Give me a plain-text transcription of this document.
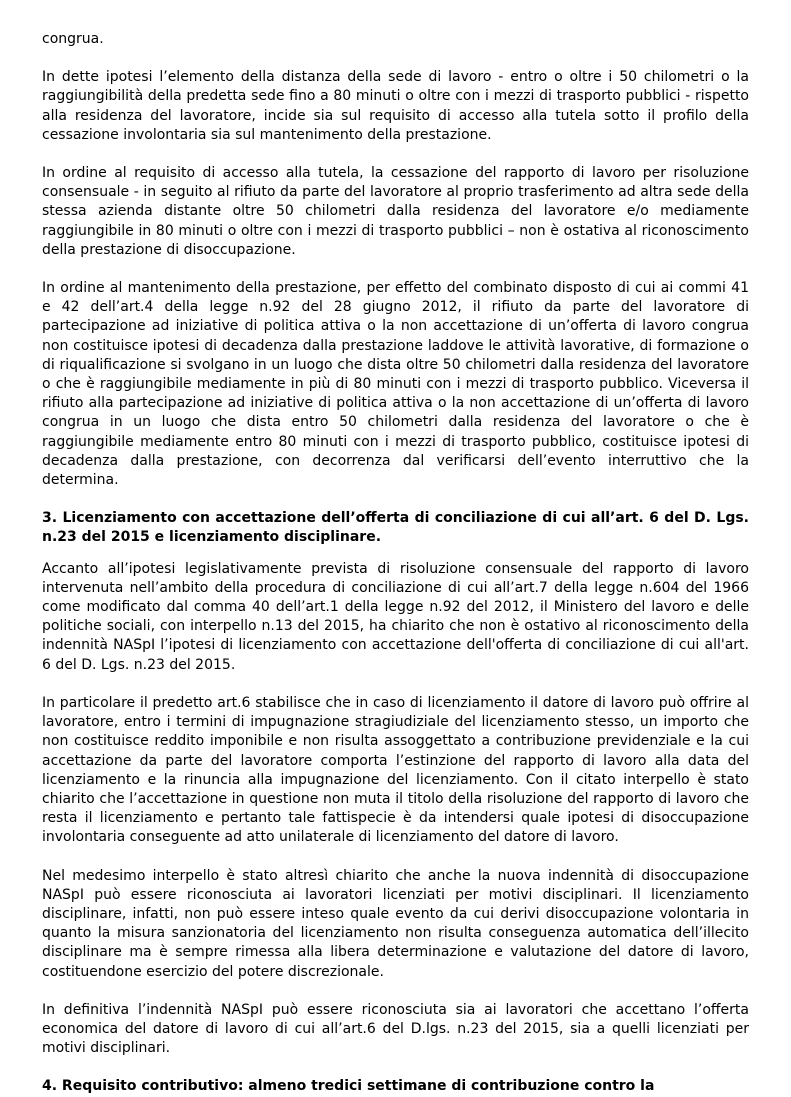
congrua.

In dette ipotesi l’elemento della distanza della sede di lavoro - entro o oltre i 50 chilometri o la raggiungibilità della predetta sede fino a 80 minuti o oltre con i mezzi di trasporto pubblici - rispetto alla residenza del lavoratore, incide sia sul requisito di accesso alla tutela sotto il profilo della cessazione involontaria sia sul mantenimento della prestazione.

In ordine al requisito di accesso alla tutela, la cessazione del rapporto di lavoro per risoluzione consensuale - in seguito al rifiuto da parte del lavoratore al proprio trasferimento ad altra sede della stessa azienda distante oltre 50 chilometri dalla residenza del lavoratore e/o mediamente raggiungibile in 80 minuti o oltre con i mezzi di trasporto pubblici – non è ostativa al riconoscimento della prestazione di disoccupazione.

In ordine al mantenimento della prestazione, per effetto del combinato disposto di cui ai commi 41 e 42 dell’art.4 della legge n.92 del 28 giugno 2012, il rifiuto da parte del lavoratore di partecipazione ad iniziative di politica attiva o la non accettazione di un’offerta di lavoro congrua non costituisce ipotesi di decadenza dalla prestazione laddove le attività lavorative, di formazione o di riqualificazione si svolgano in un luogo che dista oltre 50 chilometri dalla residenza del lavoratore o che è raggiungibile mediamente in più di 80 minuti con i mezzi di trasporto pubblico. Viceversa il rifiuto alla partecipazione ad iniziative di politica attiva o la non accettazione di un’offerta di lavoro congrua in un luogo che dista entro 50 chilometri dalla residenza del lavoratore o che è raggiungibile mediamente entro 80 minuti con i mezzi di trasporto pubblico, costituisce ipotesi di decadenza dalla prestazione, con decorrenza dal verificarsi dell’evento interruttivo che la determina.

3. Licenziamento con accettazione dell’offerta di conciliazione di cui all’art. 6 del D. Lgs. n.23 del 2015 e licenziamento disciplinare.

Accanto all’ipotesi legislativamente prevista di risoluzione consensuale del rapporto di lavoro intervenuta nell’ambito della procedura di conciliazione di cui all’art.7 della legge n.604 del 1966 come modificato dal comma 40 dell’art.1 della legge n.92 del 2012, il Ministero del lavoro e delle politiche sociali, con interpello n.13 del 2015, ha chiarito che non è ostativo al riconoscimento della indennità NASpI l’ipotesi di licenziamento con accettazione dell'offerta di conciliazione di cui all'art. 6 del D. Lgs. n.23 del 2015.

In particolare il predetto art.6 stabilisce che in caso di licenziamento il datore di lavoro può offrire al lavoratore, entro i termini di impugnazione stragiudiziale del licenziamento stesso, un importo che non costituisce reddito imponibile e non risulta assoggettato a contribuzione previdenziale e la cui accettazione da parte del lavoratore comporta l’estinzione del rapporto di lavoro alla data del licenziamento e la rinuncia alla impugnazione del licenziamento. Con il citato interpello è stato chiarito che l’accettazione in questione non muta il titolo della risoluzione del rapporto di lavoro che resta il licenziamento e pertanto tale fattispecie è da intendersi quale ipotesi di disoccupazione involontaria conseguente ad atto unilaterale di licenziamento del datore di lavoro.

Nel medesimo interpello è stato altresì chiarito che anche la nuova indennità di disoccupazione NASpI può essere riconosciuta ai lavoratori licenziati per motivi disciplinari. Il licenziamento disciplinare, infatti, non può essere inteso quale evento da cui derivi disoccupazione volontaria in quanto la misura sanzionatoria del licenziamento non risulta conseguenza automatica dell’illecito disciplinare ma è sempre rimessa alla libera determinazione e valutazione del datore di lavoro, costituendone esercizio del potere discrezionale.

In definitiva l’indennità NASpI può essere riconosciuta sia ai lavoratori che accettano l’offerta economica del datore di lavoro di cui all’art.6 del D.lgs. n.23 del 2015, sia a quelli licenziati per motivi disciplinari.

4. Requisito contributivo: almeno tredici settimane di contribuzione contro la
